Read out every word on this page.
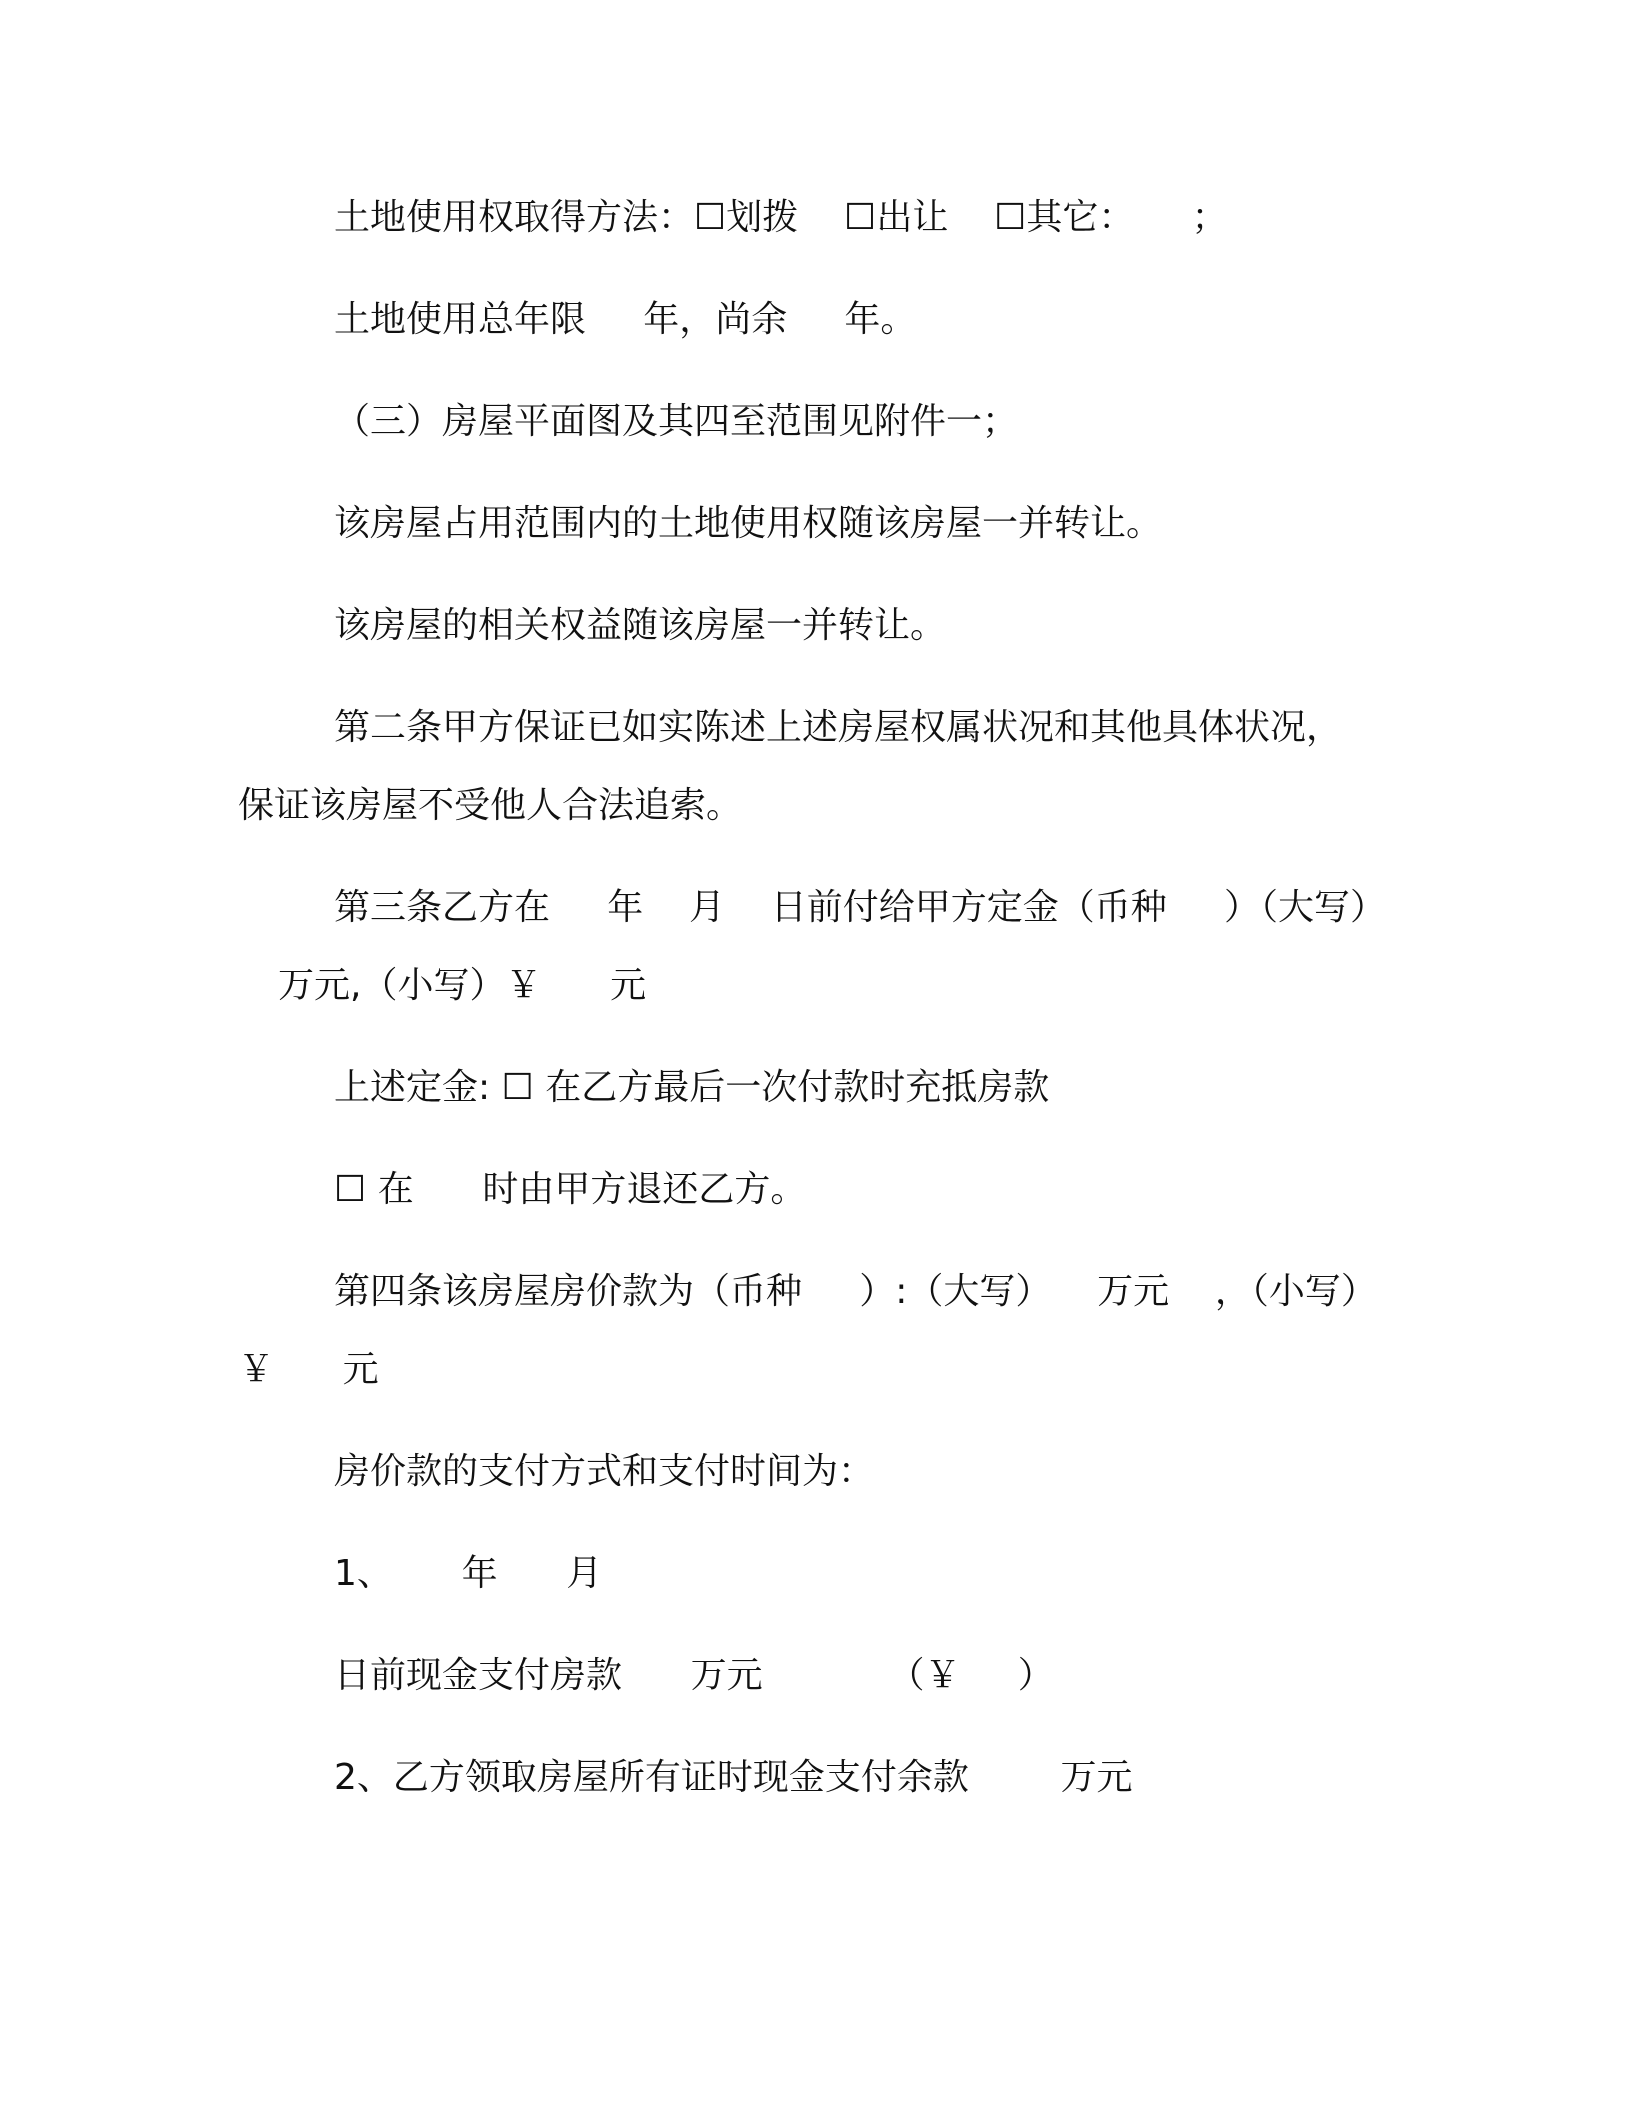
土地使用权取得方法：☐划拨    ☐出让    ☐其它：     ；
土地使用总年限     年，尚余     年。
（三）房屋平面图及其四至范围见附件一；
该房屋占用范围内的土地使用权随该房屋一并转让。
该房屋的相关权益随该房屋一并转让。
第二条甲方保证已如实陈述上述房屋权属状况和其他具体状况，
保证该房屋不受他人合法追索。
第三条乙方在     年    月    日前付给甲方定金（币种     ）（大写）
万元,（小写）￥      元
上述定金: ☐ 在乙方最后一次付款时充抵房款
☐ 在      时由甲方退还乙方。
第四条该房屋房价款为（币种     ）:（大写）    万元    ，（小写）
￥      元
房价款的支付方式和支付时间为：
1、      年      月
日前现金支付房款      万元           （￥     ）
2、乙方领取房屋所有证时现金支付余款        万元
